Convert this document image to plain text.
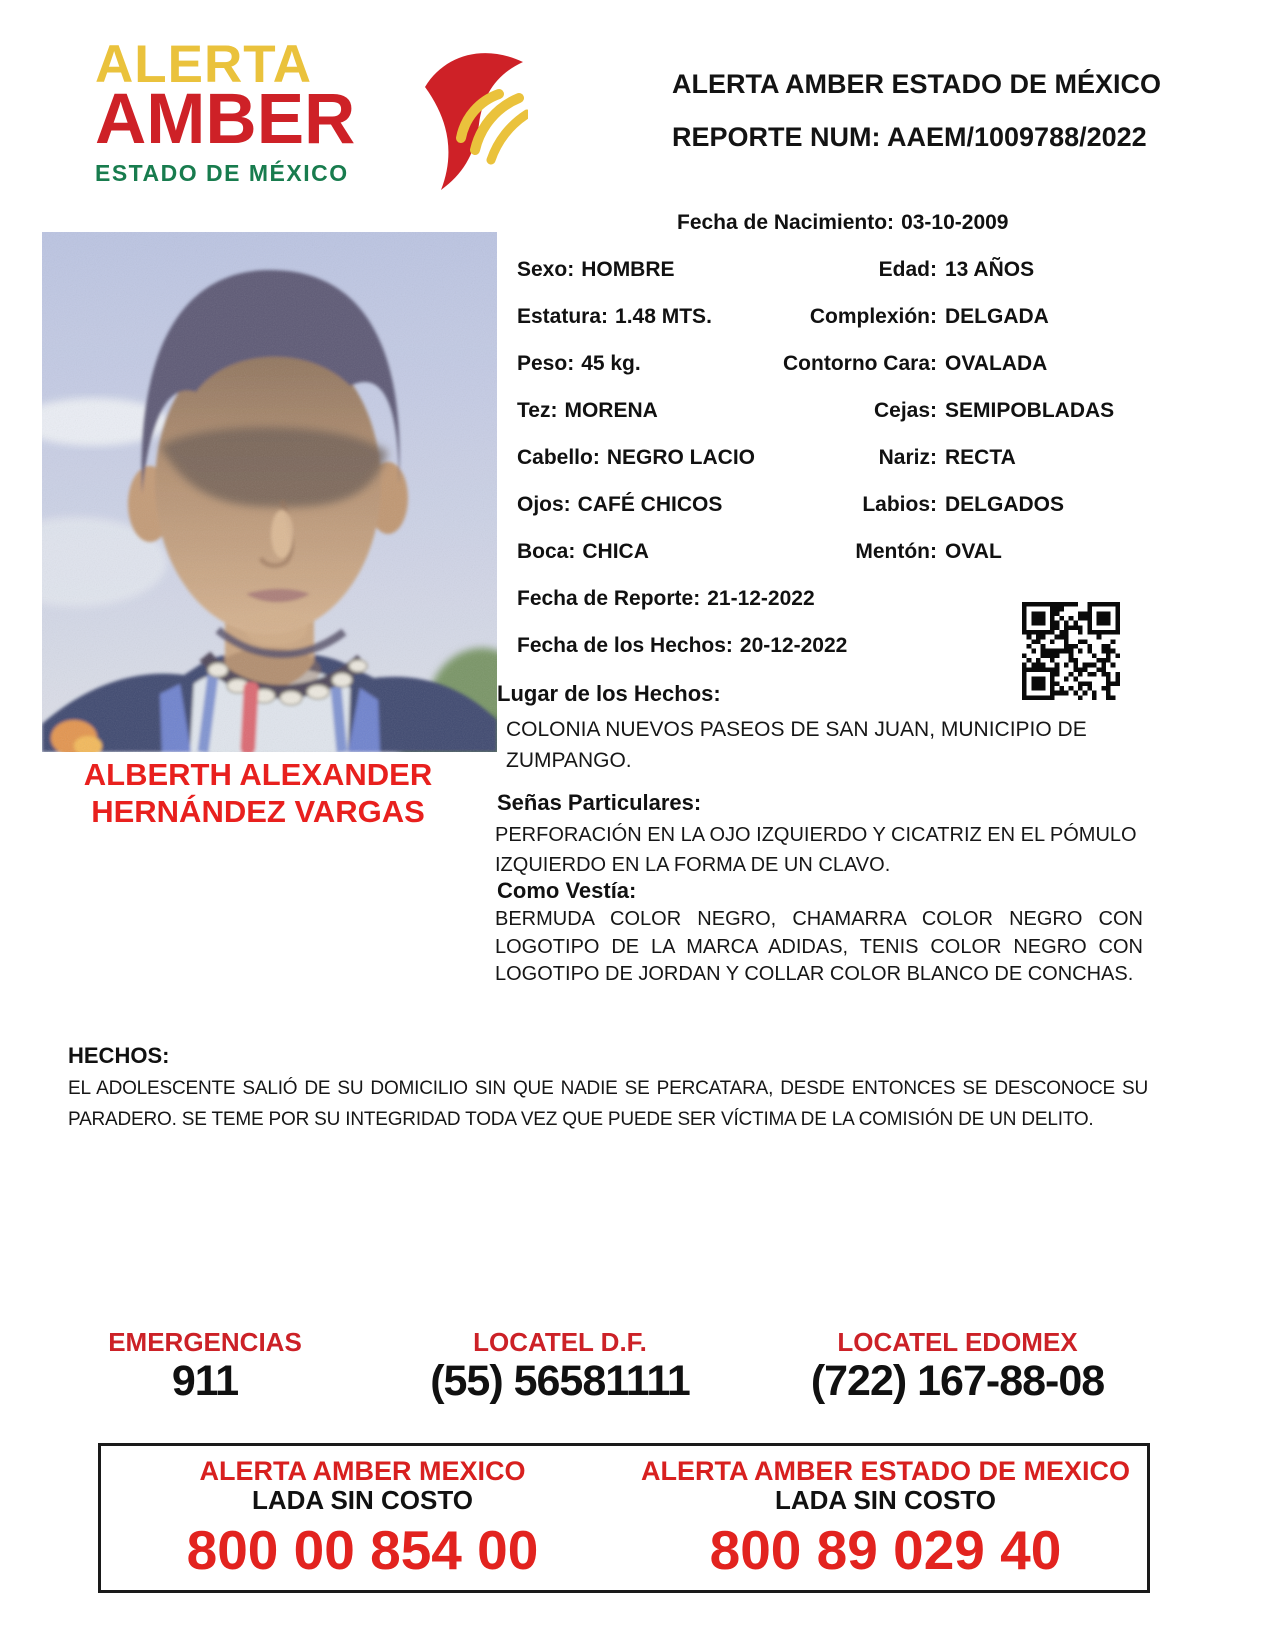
ALERTA
AMBER
ESTADO DE MÉXICO
ALERTA AMBER ESTADO DE MÉXICO
REPORTE NUM: AAEM/1009788/2022
ALBERTH ALEXANDER
HERNÁNDEZ VARGAS
Fecha de Nacimiento: 03-10-2009
Sexo: HOMBRE	Edad: 13 AÑOS
Estatura: 1.48 MTS.	Complexión: DELGADA
Peso: 45 kg.	Contorno Cara: OVALADA
Tez: MORENA	Cejas: SEMIPOBLADAS
Cabello: NEGRO LACIO	Nariz: RECTA
Ojos: CAFÉ CHICOS	Labios: DELGADOS
Boca: CHICA	Mentón: OVAL
Fecha de Reporte: 21-12-2022
Fecha de los Hechos: 20-12-2022
Lugar de los Hechos:
COLONIA NUEVOS PASEOS DE SAN JUAN, MUNICIPIO DE ZUMPANGO.
Señas Particulares:
PERFORACIÓN EN LA OJO IZQUIERDO Y CICATRIZ EN EL PÓMULO IZQUIERDO EN LA FORMA DE UN CLAVO.
Como Vestía:
BERMUDA COLOR NEGRO, CHAMARRA COLOR NEGRO CON LOGOTIPO DE LA MARCA ADIDAS, TENIS COLOR NEGRO CON LOGOTIPO DE JORDAN Y COLLAR COLOR BLANCO DE CONCHAS.
HECHOS:
EL ADOLESCENTE SALIÓ DE SU DOMICILIO SIN QUE NADIE SE PERCATARA, DESDE ENTONCES SE DESCONOCE SU PARADERO. SE TEME POR SU INTEGRIDAD TODA VEZ QUE PUEDE SER VÍCTIMA DE LA COMISIÓN DE UN DELITO.
EMERGENCIAS
911
LOCATEL D.F.
(55) 56581111
LOCATEL EDOMEX
(722) 167-88-08
ALERTA AMBER MEXICO
LADA SIN COSTO
800 00 854 00
ALERTA AMBER ESTADO DE MEXICO
LADA SIN COSTO
800 89 029 40
